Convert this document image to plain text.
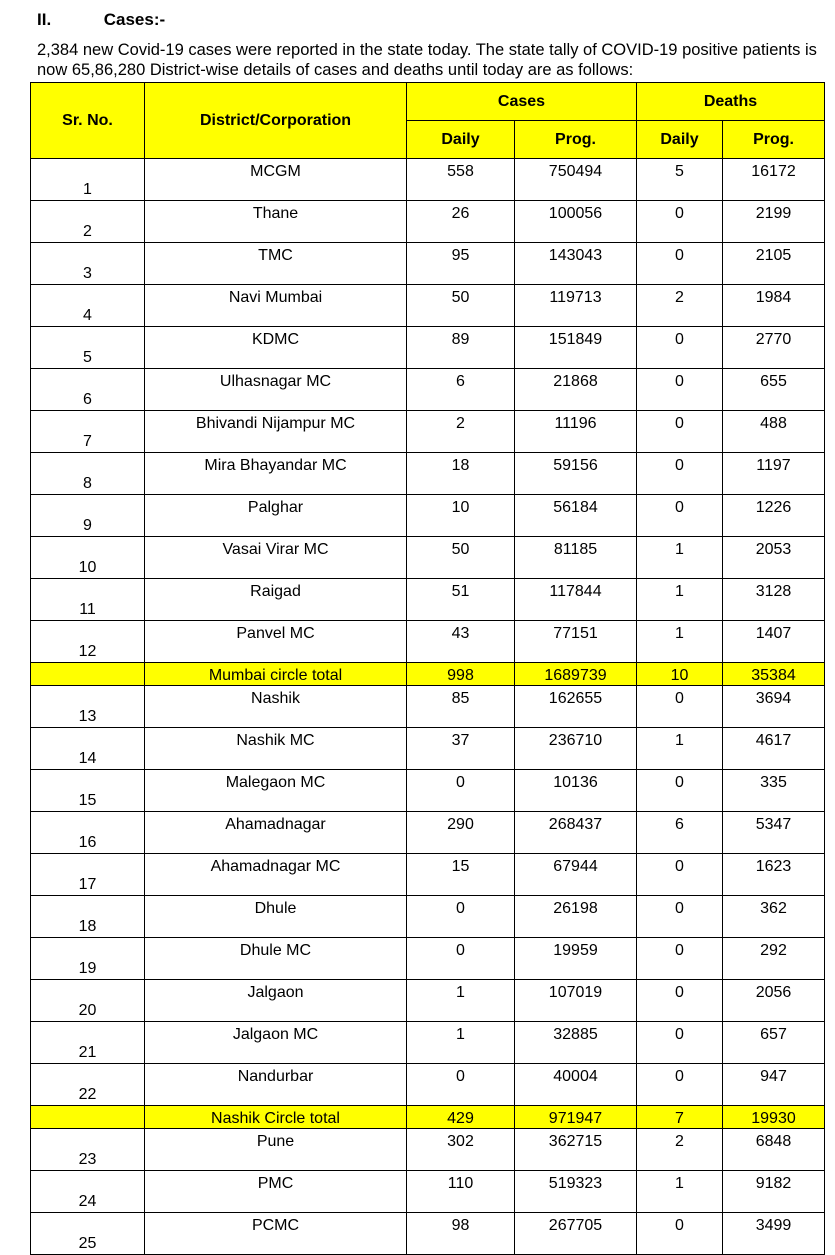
II.	Cases:-
2,384 new Covid-19 cases were reported in the state today. The state tally of COVID-19 positive patients is now 65,86,280 District-wise details of cases and deaths until today are as follows:
Sr. No.	District/Corporation	Cases		Deaths	
		Daily	Prog.	Daily	Prog.
1	MCGM	558	750494	5	16172
2	Thane	26	100056	0	2199
3	TMC	95	143043	0	2105
4	Navi Mumbai	50	119713	2	1984
5	KDMC	89	151849	0	2770
6	Ulhasnagar MC	6	21868	0	655
7	Bhivandi Nijampur MC	2	11196	0	488
8	Mira Bhayandar MC	18	59156	0	1197
9	Palghar	10	56184	0	1226
10	Vasai Virar MC	50	81185	1	2053
11	Raigad	51	117844	1	3128
12	Panvel MC	43	77151	1	1407
	Mumbai circle total	998	1689739	10	35384
13	Nashik	85	162655	0	3694
14	Nashik MC	37	236710	1	4617
15	Malegaon MC	0	10136	0	335
16	Ahamadnagar	290	268437	6	5347
17	Ahamadnagar MC	15	67944	0	1623
18	Dhule	0	26198	0	362
19	Dhule MC	0	19959	0	292
20	Jalgaon	1	107019	0	2056
21	Jalgaon MC	1	32885	0	657
22	Nandurbar	0	40004	0	947
	Nashik Circle total	429	971947	7	19930
23	Pune	302	362715	2	6848
24	PMC	110	519323	1	9182
25	PCMC	98	267705	0	3499
